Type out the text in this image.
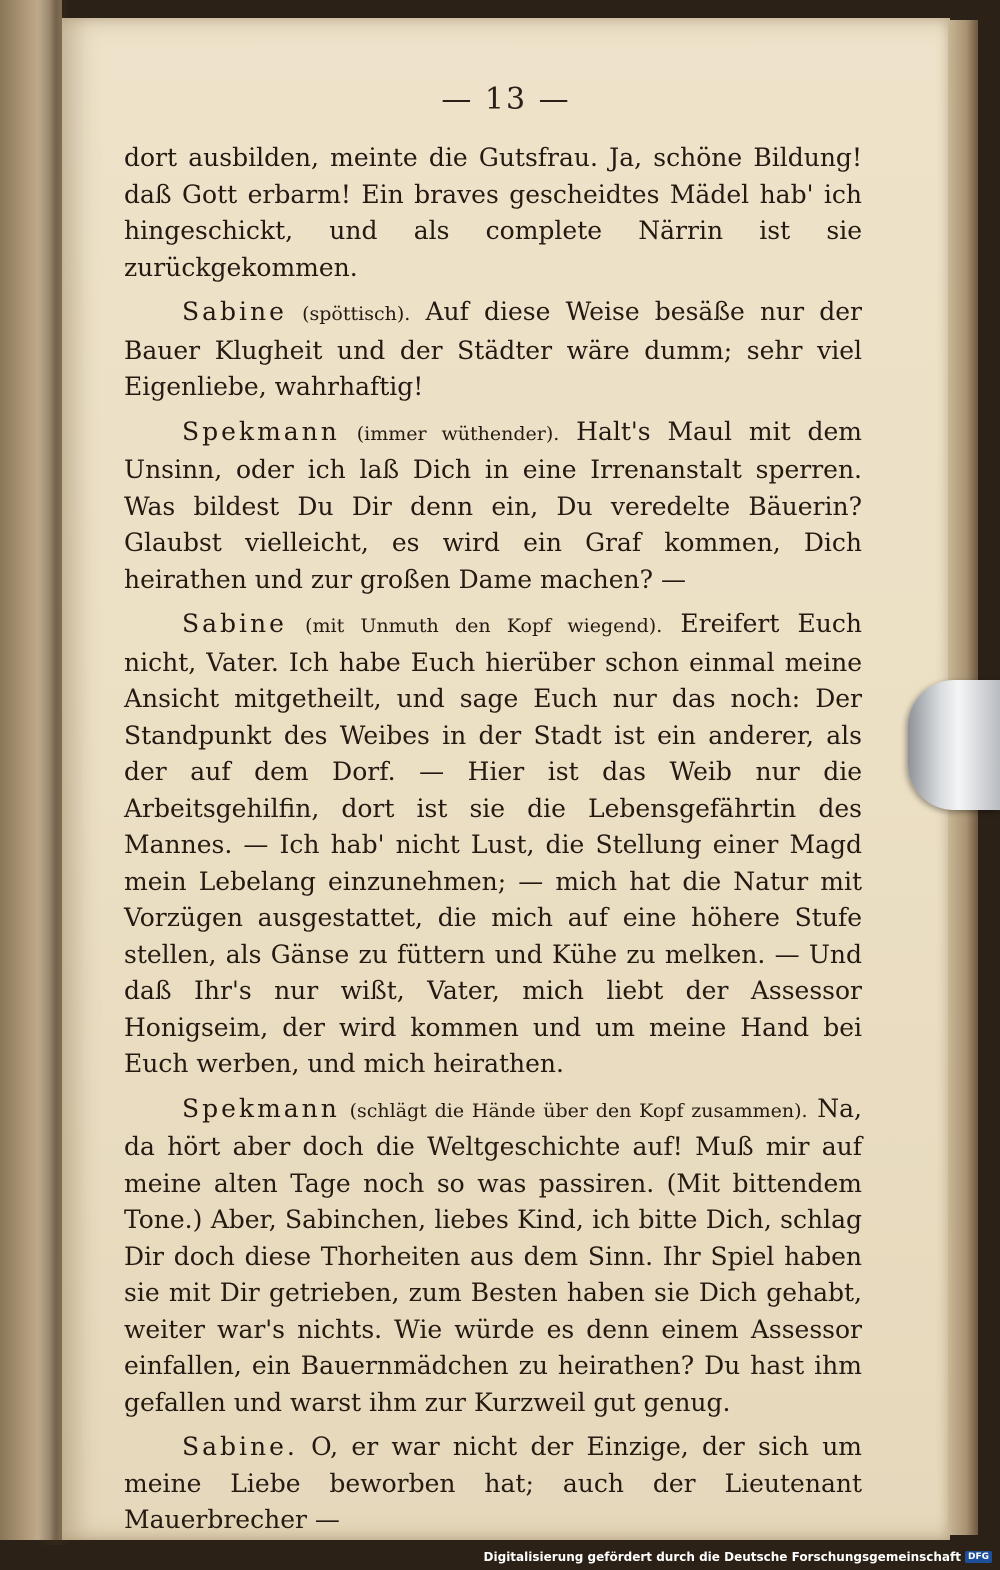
— 13 —

dort ausbilden, meinte die Gutsfrau. Ja, schöne Bildung! daß Gott erbarm! Ein braves gescheidtes Mädel hab' ich hingeschickt, und als complete Närrin ist sie zurückgekommen.

Sabine (spöttisch). Auf diese Weise besäße nur der Bauer Klugheit und der Städter wäre dumm; sehr viel Eigenliebe, wahrhaftig!

Spekmann (immer wüthender). Halt's Maul mit dem Unsinn, oder ich laß Dich in eine Irrenanstalt sperren. Was bildest Du Dir denn ein, Du veredelte Bäuerin? Glaubst vielleicht, es wird ein Graf kommen, Dich heirathen und zur großen Dame machen? —

Sabine (mit Unmuth den Kopf wiegend). Ereifert Euch nicht, Vater. Ich habe Euch hierüber schon einmal meine Ansicht mitgetheilt, und sage Euch nur das noch: Der Standpunkt des Weibes in der Stadt ist ein anderer, als der auf dem Dorf. — Hier ist das Weib nur die Arbeitsgehilfin, dort ist sie die Lebensgefährtin des Mannes. — Ich hab' nicht Lust, die Stellung einer Magd mein Lebelang einzunehmen; — mich hat die Natur mit Vorzügen ausgestattet, die mich auf eine höhere Stufe stellen, als Gänse zu füttern und Kühe zu melken. — Und daß Ihr's nur wißt, Vater, mich liebt der Assessor Honigseim, der wird kommen und um meine Hand bei Euch werben, und mich heirathen.

Spekmann (schlägt die Hände über den Kopf zusammen). Na, da hört aber doch die Weltgeschichte auf! Muß mir auf meine alten Tage noch so was passiren. (Mit bittendem Tone.) Aber, Sabinchen, liebes Kind, ich bitte Dich, schlag Dir doch diese Thorheiten aus dem Sinn. Ihr Spiel haben sie mit Dir getrieben, zum Besten haben sie Dich gehabt, weiter war's nichts. Wie würde es denn einem Assessor einfallen, ein Bauernmädchen zu heirathen? Du hast ihm gefallen und warst ihm zur Kurzweil gut genug.

Sabine. O, er war nicht der Einzige, der sich um meine Liebe beworben hat; auch der Lieutenant Mauerbrecher —

Digitalisierung gefördert durch die Deutsche Forschungsgemeinschaft DFG
